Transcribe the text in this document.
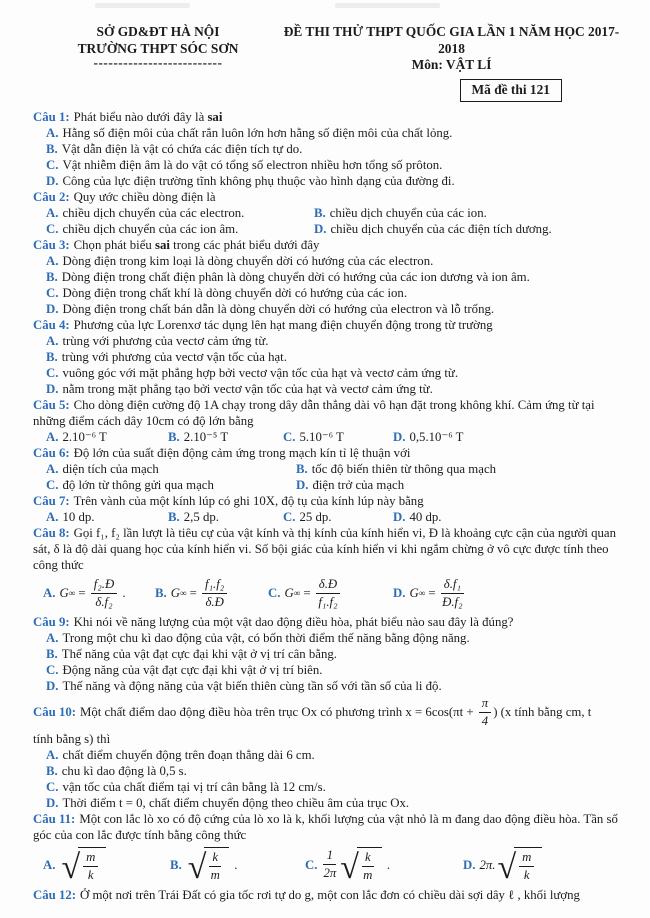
SỞ GD&ĐT HÀ NỘI
TRƯỜNG THPT SÓC SƠN
--------------------------
ĐỀ THI THỬ THPT QUỐC GIA LẦN 1 NĂM HỌC 2017-2018
Môn: VẬT LÍ
Mã đề thi 121

Câu 1: Phát biểu nào dưới đây là sai

A. Hằng số điện môi của chất rắn luôn lớn hơn hằng số điện môi của chất lỏng.

B. Vật dẫn điện là vật có chứa các điện tích tự do.

C. Vật nhiễm điện âm là do vật có tổng số electron nhiều hơn tổng số prôton.

D. Công của lực điện trường tĩnh không phụ thuộc vào hình dạng của đường đi.

Câu 2: Quy ước chiều dòng điện là

A. chiều dịch chuyển của các electron.	B. chiều dịch chuyển của các ion.

C. chiều dịch chuyển của các ion âm.	D. chiều dịch chuyển của các điện tích dương.

Câu 3: Chọn phát biểu sai trong các phát biểu dưới đây

A. Dòng điện trong kim loại là dòng chuyển dời có hướng của các electron.

B. Dòng điện trong chất điện phân là dòng chuyển dời có hướng của các ion dương và ion âm.

C. Dòng điện trong chất khí là dòng chuyển dời có hướng của các ion.

D. Dòng điện trong chất bán dẫn là dòng chuyển dời có hướng của electron và lỗ trống.

Câu 4: Phương của lực Lorenxơ tác dụng lên hạt mang điện chuyển động trong từ trường

A. trùng với phương của vectơ cảm ứng từ.

B. trùng với phương của vectơ vận tốc của hạt.

C. vuông góc với mặt phẳng hợp bởi vectơ vận tốc của hạt và vectơ cảm ứng từ.

D. nằm trong mặt phẳng tạo bởi vectơ vận tốc của hạt và vectơ cảm ứng từ.

Câu 5: Cho dòng điện cường độ 1A chạy trong dây dẫn thẳng dài vô hạn đặt trong không khí. Cảm ứng từ tại những điểm cách dây 10cm có độ lớn bằng

A. 2.10⁻⁶ T	B. 2.10⁻⁵ T	C. 5.10⁻⁶ T	D. 0,5.10⁻⁶ T

Câu 6: Độ lớn của suất điện động cảm ứng trong mạch kín tỉ lệ thuận với

A. diện tích của mạch	B. tốc độ biến thiên từ thông qua mạch

C. độ lớn từ thông gửi qua mạch	D. điện trở của mạch

Câu 7: Trên vành của một kính lúp có ghi 10X, độ tụ của kính lúp này bằng

A. 10 dp.	B. 2,5 dp.	C. 25 dp.	D. 40 dp.

Câu 8: Gọi f₁, f₂ lần lượt là tiêu cự của vật kính và thị kính của kính hiển vi, Đ là khoảng cực cận của người quan sát, δ là độ dài quang học của kính hiển vi. Số bội giác của kính hiển vi khi ngắm chừng ở vô cực được tính theo công thức

A. G ∞ = $\frac{\text{f₂.Đ}}{\text{δ.f₂}}$ . B. G ∞ = $\frac{\text{f₁.f₂}}{\delta.Đ}$	C. G ∞ = $\frac{\delta.Đ}{\text{f₁.f₂}}$	D. G ∞ = $\frac{\text{δ.f₁}}{\text{Đ.f₂}}$

Câu 9: Khi nói về năng lượng của một vật dao động điều hòa, phát biểu nào sau đây là đúng?

A. Trong một chu kì dao động của vật, có bốn thời điểm thế năng bằng động năng.

B. Thế năng của vật đạt cực đại khi vật ở vị trí cân bằng.

C. Động năng của vật đạt cực đại khi vật ở vị trí biên.

D. Thế năng và động năng của vật biến thiên cùng tần số với tần số của li độ.

Câu 10: Một chất điểm dao động điều hòa trên trục Ox có phương trình $x = 6\cos(\pi t + \frac{\pi}{4}$ ) (x tính bằng cm, t

tính bằng s) thì

A. chất điểm chuyển động trên đoạn thẳng dài 6 cm.

B. chu kì dao động là 0,5 s.

C. vận tốc của chất điểm tại vị trí cân bằng là 12 cm/s.

D. Thời điểm t = 0, chất điểm chuyển động theo chiều âm của trục Ox.

Câu 11: Một con lắc lò xo có độ cứng của lò xo là k, khối lượng của vật nhỏ là m đang dao động điều hòa. Tần số góc của con lắc được tính bằng công thức

A. √ $\frac{m}{k}$	B. √ $\frac{k}{m}$ .	C. $\frac{1}{2\pi}$ √ $\frac{k}{m}$ .	D. 2π. √ $\frac{m}{k}$

Câu 12: Ở một nơi trên Trái Đất có gia tốc rơi tự do g, một con lắc đơn có chiều dài sợi dây ℓ , khối lượng
